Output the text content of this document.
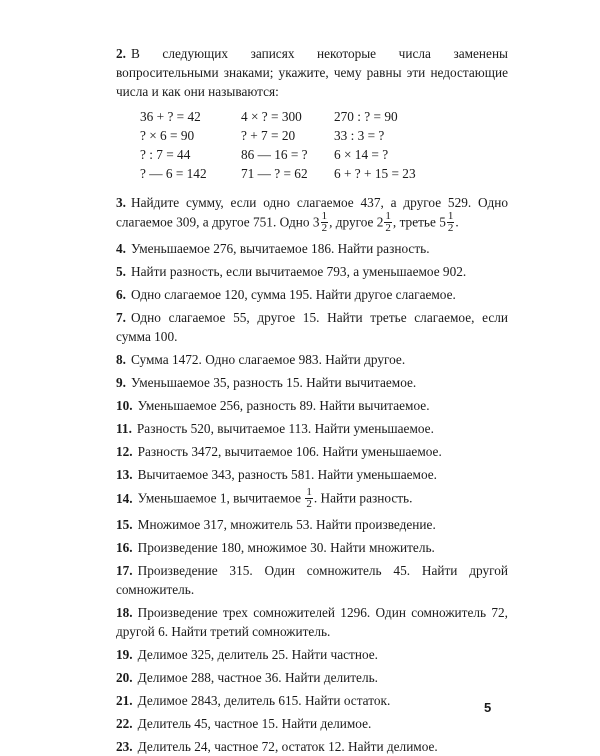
2. В следующих записях некоторые числа заменены вопросительными знаками; укажите, чему равны эти недостающие числа и как они называются:

36 + ? = 42	4 × ? = 300	270 : ? = 90
? × 6 = 90	? + 7 = 20	33 : 3 = ?
? : 7 = 44	86 — 16 = ?	6 × 14 = ?
? — 6 = 142	71 — ? = 62	6 + ? + 15 = 23

3. Найдите сумму, если одно слагаемое 437, а другое 529. Одно слагаемое 309, а другое 751. Одно $3 \frac{1}{2}$ , другое $2 \frac{1}{2}$ , третье $5 \frac{1}{2}$ .

4. Уменьшаемое 276, вычитаемое 186. Найти разность.

5. Найти разность, если вычитаемое 793, а уменьшаемое 902.

6. Одно слагаемое 120, сумма 195. Найти другое слагаемое.

7. Одно слагаемое 55, другое 15. Найти третье слагаемое, если сумма 100.

8. Сумма 1472. Одно слагаемое 983. Найти другое.

9. Уменьшаемое 35, разность 15. Найти вычитаемое.

10. Уменьшаемое 256, разность 89. Найти вычитаемое.

11. Разность 520, вычитаемое 113. Найти уменьшаемое.

12. Разность 3472, вычитаемое 106. Найти уменьшаемое.

13. Вычитаемое 343, разность 581. Найти уменьшаемое.

14. Уменьшаемое 1, вычитаемое $\frac{1}{2}$ . Найти разность.

15. Множимое 317, множитель 53. Найти произведение.

16. Произведение 180, множимое 30. Найти множитель.

17. Произведение 315. Один сомножитель 45. Найти другой сомножитель.

18. Произведение трех сомножителей 1296. Один сомножитель 72, другой 6. Найти третий сомножитель.

19. Делимое 325, делитель 25. Найти частное.

20. Делимое 288, частное 36. Найти делитель.

21. Делимое 2843, делитель 615. Найти остаток.

22. Делитель 45, частное 15. Найти делимое.

23. Делитель 24, частное 72, остаток 12. Найти делимое.

5
